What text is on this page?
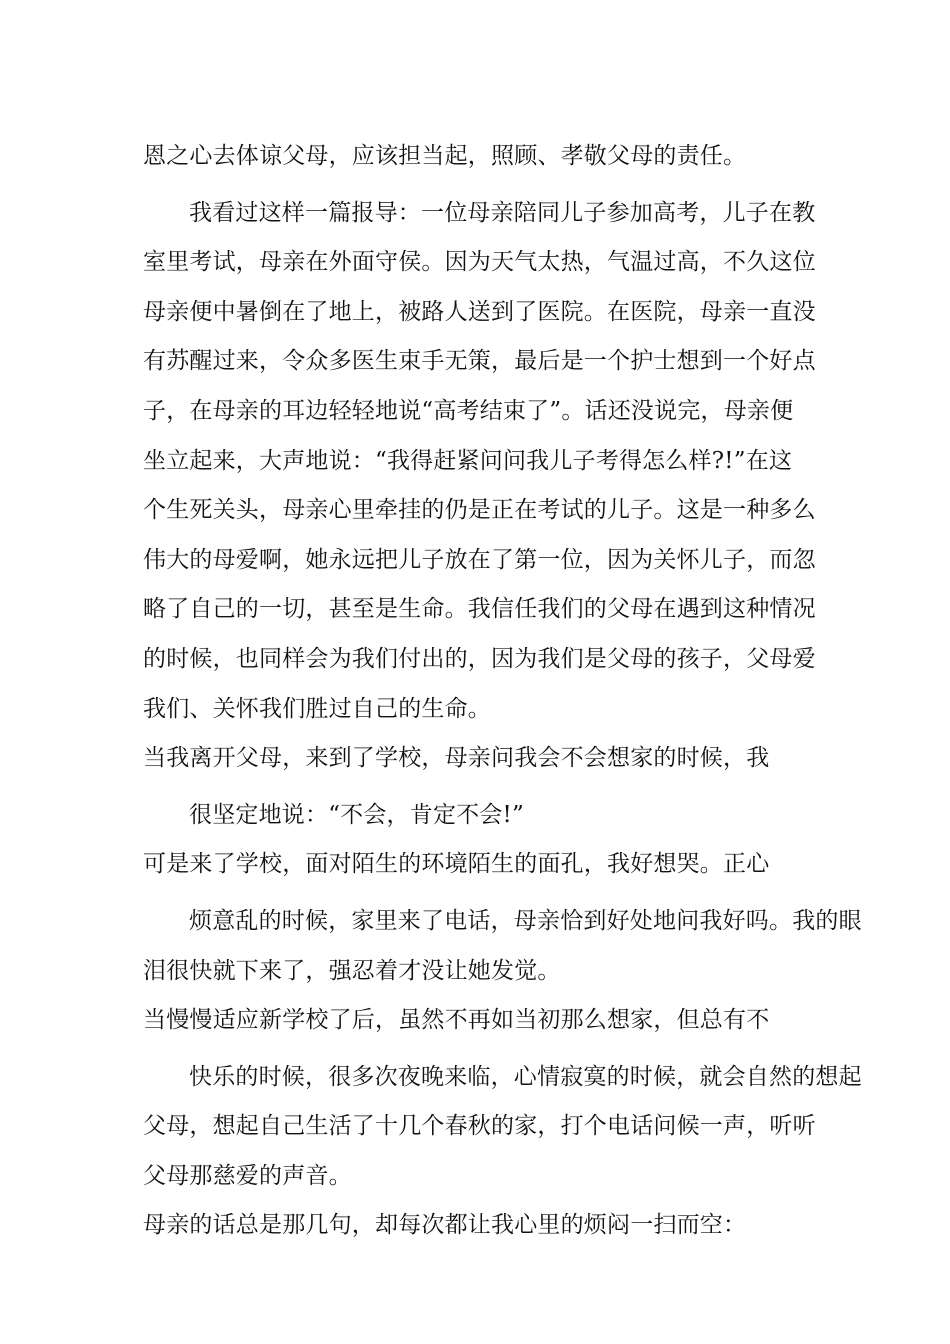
恩之心去体谅父母，应该担当起，照顾、孝敬父母的责任。
我看过这样一篇报导：一位母亲陪同儿子参加高考，儿子在教
室里考试，母亲在外面守侯。因为天气太热，气温过高，不久这位
母亲便中暑倒在了地上，被路人送到了医院。在医院，母亲一直没
有苏醒过来，令众多医生束手无策，最后是一个护士想到一个好点
子，在母亲的耳边轻轻地说“高考结束了”。话还没说完，母亲便
坐立起来，大声地说：“我得赶紧问问我儿子考得怎么样?!”在这
个生死关头，母亲心里牵挂的仍是正在考试的儿子。这是一种多么
伟大的母爱啊，她永远把儿子放在了第一位，因为关怀儿子，而忽
略了自己的一切，甚至是生命。我信任我们的父母在遇到这种情况
的时候，也同样会为我们付出的，因为我们是父母的孩子，父母爱
我们、关怀我们胜过自己的生命。
当我离开父母，来到了学校，母亲问我会不会想家的时候，我
很坚定地说：“不会，肯定不会!”
可是来了学校，面对陌生的环境陌生的面孔，我好想哭。正心
烦意乱的时候，家里来了电话，母亲恰到好处地问我好吗。我的眼
泪很快就下来了，强忍着才没让她发觉。
当慢慢适应新学校了后，虽然不再如当初那么想家，但总有不
快乐的时候，很多次夜晚来临，心情寂寞的时候，就会自然的想起
父母，想起自己生活了十几个春秋的家，打个电话问候一声，听听
父母那慈爱的声音。
母亲的话总是那几句，却每次都让我心里的烦闷一扫而空：
